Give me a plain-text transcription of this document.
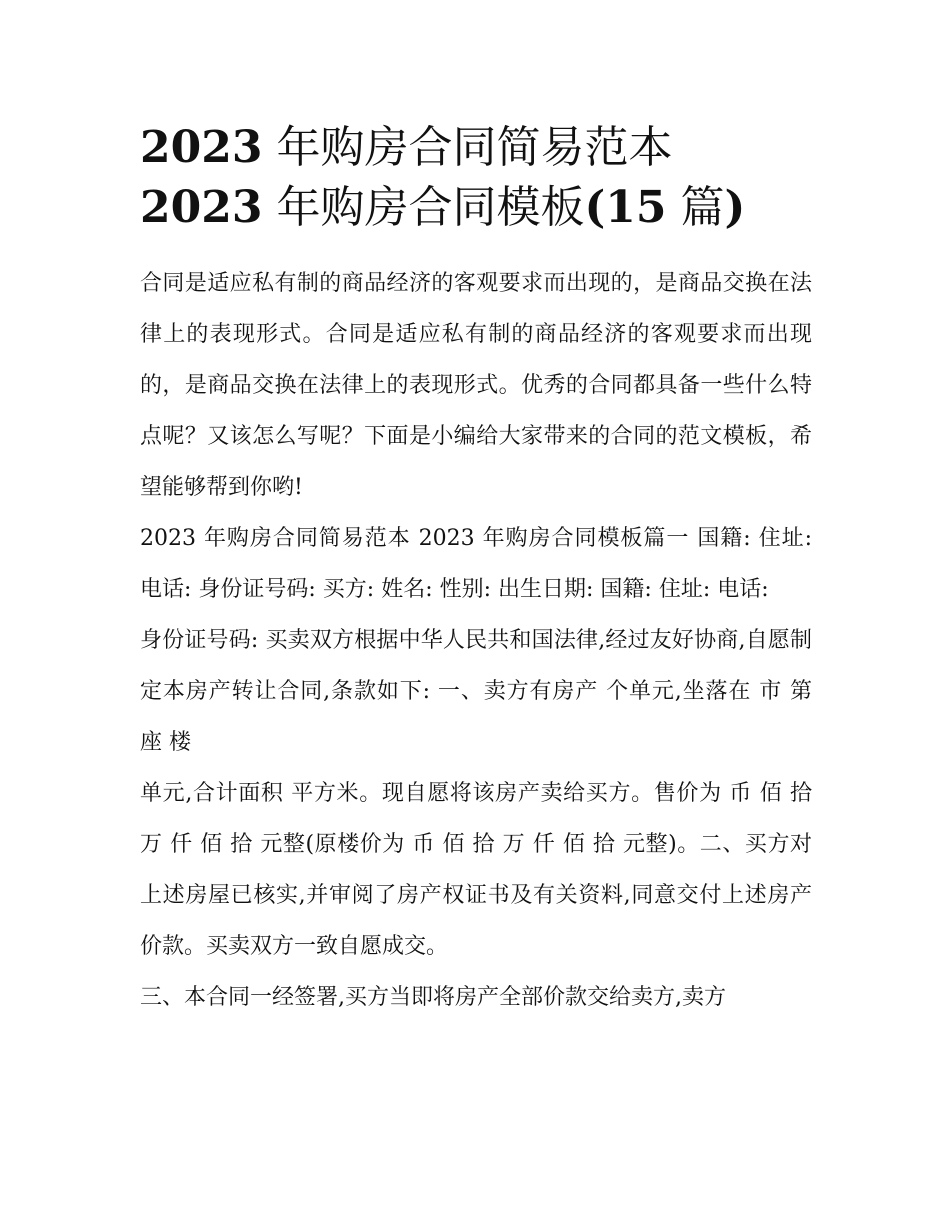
2023 年购房合同简易范本
2023 年购房合同模板(15 篇)

合同是适应私有制的商品经济的客观要求而出现的，是商品交换在法律上的表现形式。合同是适应私有制的商品经济的客观要求而出现的，是商品交换在法律上的表现形式。优秀的合同都具备一些什么特点呢？又该怎么写呢？下面是小编给大家带来的合同的范文模板，希望能够帮到你哟!

2023 年购房合同简易范本 2023 年购房合同模板篇一 国籍: 住址: 电话: 身份证号码: 买方: 姓名: 性别: 出生日期: 国籍: 住址: 电话:

身份证号码: 买卖双方根据中华人民共和国法律,经过友好协商,自愿制定本房产转让合同,条款如下: 一、卖方有房产 个单元,坐落在 市 第 座 楼

单元,合计面积 平方米。现自愿将该房产卖给买方。售价为 币 佰 拾 万 仟 佰 拾 元整(原楼价为 币 佰 拾 万 仟 佰 拾 元整)。二、买方对上述房屋已核实,并审阅了房产权证书及有关资料,同意交付上述房产价款。买卖双方一致自愿成交。

三、本合同一经签署,买方当即将房产全部价款交给卖方,卖方
